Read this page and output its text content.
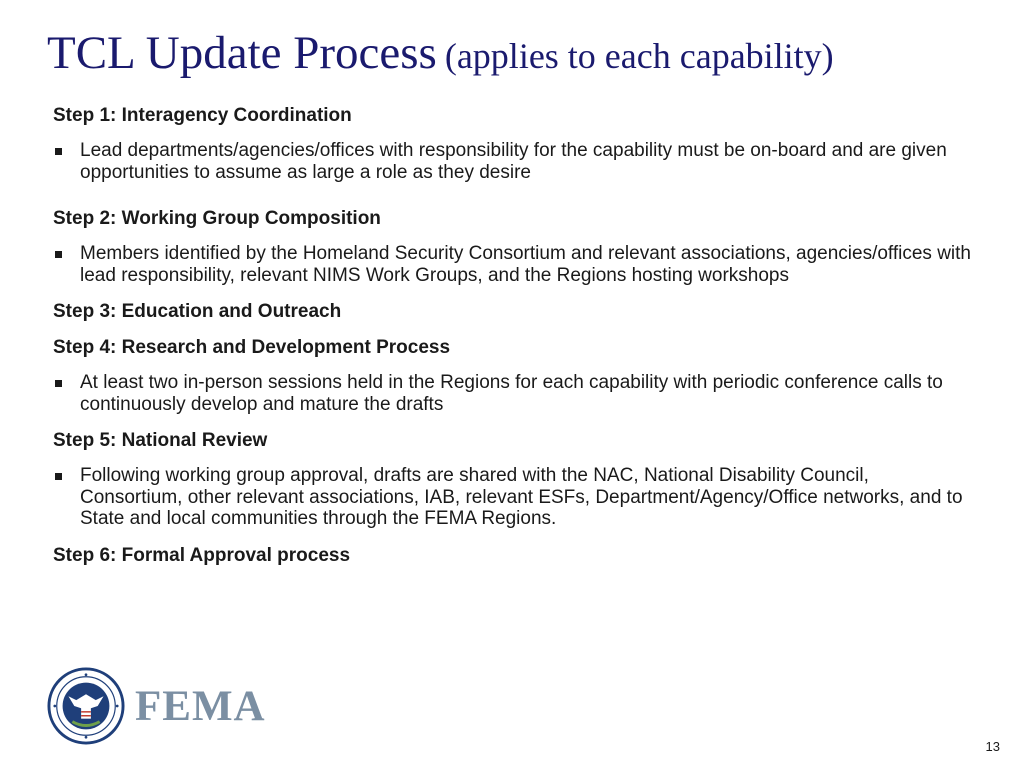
TCL Update Process (applies to each capability)
Step 1: Interagency Coordination
Lead departments/agencies/offices with responsibility for the capability must be on-board and are given opportunities to assume as large a role as they desire
Step 2: Working Group Composition
Members identified by the Homeland Security Consortium and relevant associations, agencies/offices with lead responsibility, relevant NIMS Work Groups, and the Regions hosting workshops
Step 3: Education and Outreach
Step 4: Research and Development Process
At least two in-person sessions held in the Regions for each capability with periodic conference calls to continuously develop and mature the drafts
Step 5: National Review
Following working group approval, drafts are shared with the NAC, National Disability Council, Consortium, other relevant associations, IAB, relevant ESFs, Department/Agency/Office networks, and to State and local communities through the FEMA Regions.
Step 6: Formal Approval process
FEMA
13
